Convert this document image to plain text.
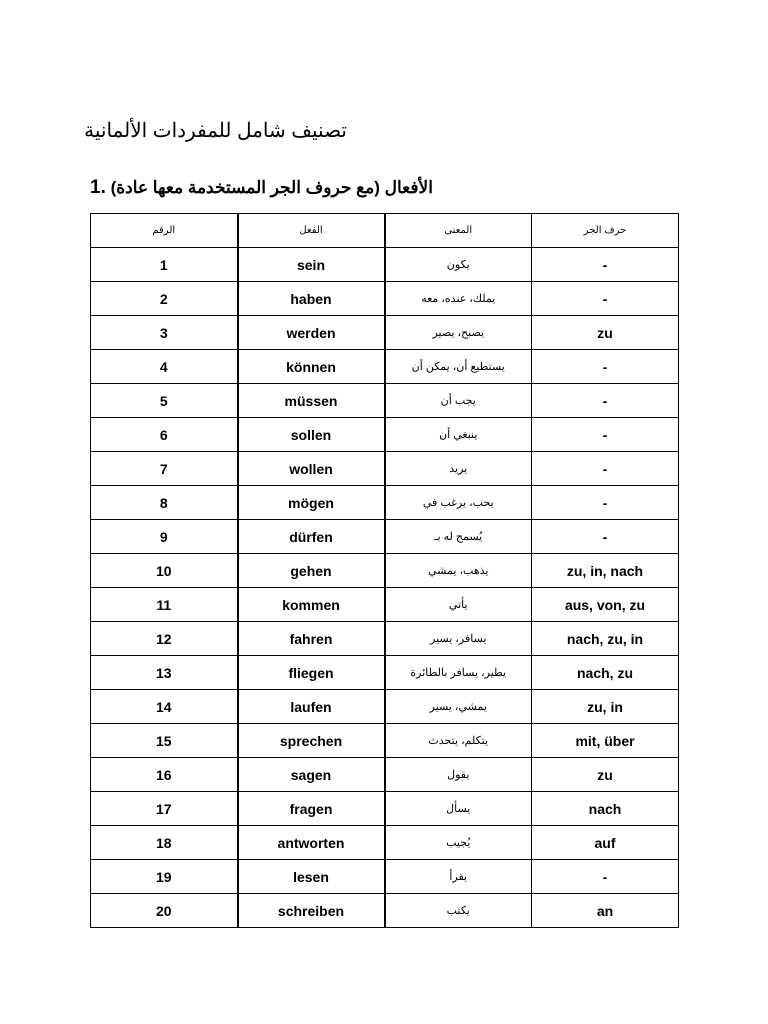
تصنيف شامل للمفردات الألمانية
1. الأفعال (مع حروف الجر المستخدمة معها عادة)
الرقم	الفعل	المعنى	حرف الجر
1	sein	يكون	-
2	haben	يملك، عنده، معه	-
3	werden	يصبح، يصير	zu
4	können	يستطيع أن، يمكن أن	-
5	müssen	يجب أن	-
6	sollen	ينبغي أن	-
7	wollen	يريد	-
8	mögen	يحب، يرغب في	-
9	dürfen	يُسمح له بـ	-
10	gehen	يذهب، يمشي	zu, in, nach
11	kommen	يأتي	aus, von, zu
12	fahren	يسافر، يسير	nach, zu, in
13	fliegen	يطير، يسافر بالطائرة	nach, zu
14	laufen	يمشي، يسير	zu, in
15	sprechen	يتكلم، يتحدث	mit, über
16	sagen	يقول	zu
17	fragen	يسأل	nach
18	antworten	يُجيب	auf
19	lesen	يقرأ	-
20	schreiben	يكتب	an
